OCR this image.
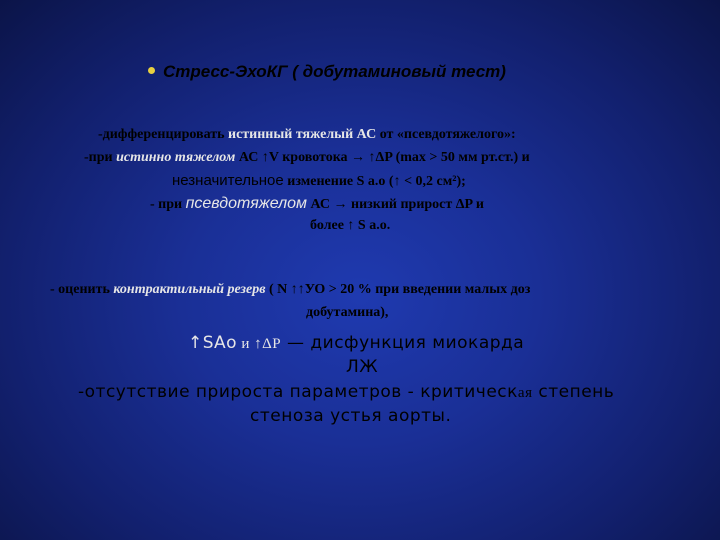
Стресс-ЭхоКГ ( добутаминовый тест)
-дифференцировать истинный тяжелый АС от «псевдотяжелого»:
-при истинно тяжелом АС ↑V кровотока → ↑ΔP (max > 50 мм рт.ст.) и
незначительное изменение S а.о (↑ < 0,2 см²);
- при псевдотяжелом АС → низкий прирост ΔP и
более ↑ S а.о.
- оценить контрактильный резерв ( N ↑↑УО > 20 % при введении малых доз
добутамина),
↑SАо и ↑ΔP — дисфункция миокарда
ЛЖ
-отсутствие прироста параметров - критическая степень
стеноза устья аорты.
